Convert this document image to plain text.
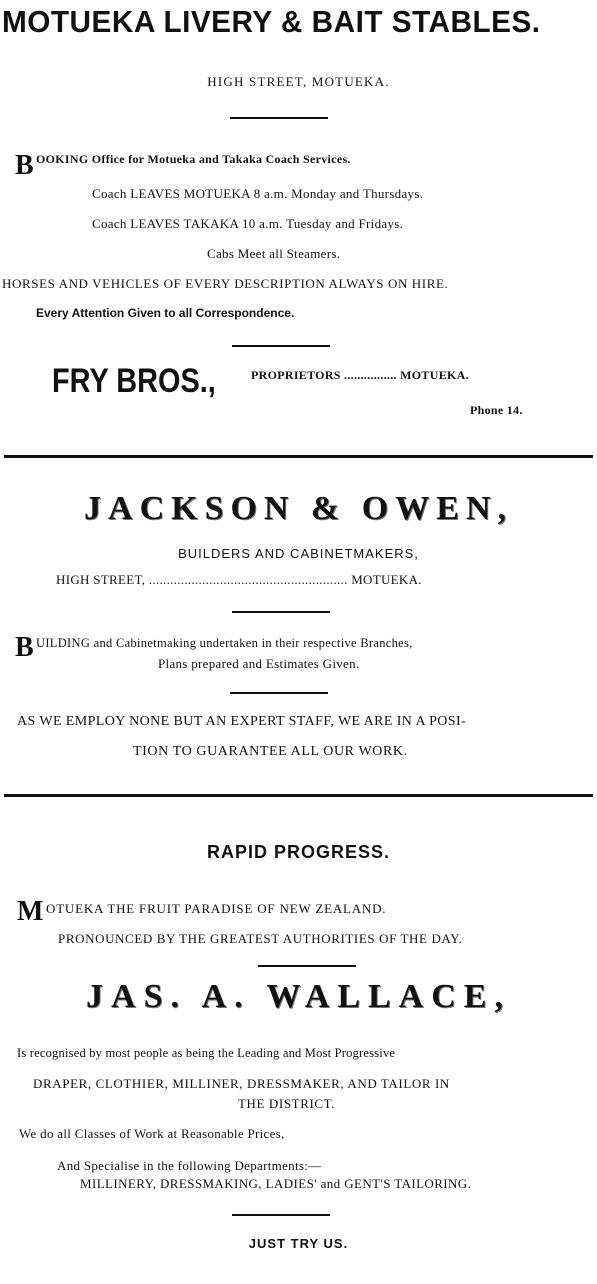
MOTUEKA LIVERY & BAIT STABLES.
HIGH STREET, MOTUEKA.
B OOKING Office for Motueka and Takaka Coach Services.
Coach LEAVES MOTUEKA 8 a.m. Monday and Thursdays.
Coach LEAVES TAKAKA 10 a.m. Tuesday and Fridays.
Cabs Meet all Steamers.
HORSES AND VEHICLES OF EVERY DESCRIPTION ALWAYS ON HIRE.
Every Attention Given to all Correspondence.
FRY BROS.,	PROPRIETORS ................ MOTUEKA.
Phone 14.
JACKSON & OWEN,
BUILDERS AND CABINETMAKERS,
HIGH STREET, ........................................................ MOTUEKA.
B UILDING and Cabinetmaking undertaken in their respective Branches,
Plans prepared and Estimates Given.
AS WE EMPLOY NONE BUT AN EXPERT STAFF, WE ARE IN A POSI-
TION TO GUARANTEE ALL OUR WORK.
RAPID PROGRESS.
M OTUEKA THE FRUIT PARADISE OF NEW ZEALAND.
PRONOUNCED BY THE GREATEST AUTHORITIES OF THE DAY.
JAS. A. WALLACE,
Is recognised by most people as being the Leading and Most Progressive
DRAPER, CLOTHIER, MILLINER, DRESSMAKER, AND TAILOR IN
THE DISTRICT.
We do all Classes of Work at Reasonable Prices,
And Specialise in the following Departments:—
MILLINERY, DRESSMAKING, LADIES' and GENT'S TAILORING.
JUST TRY US.
